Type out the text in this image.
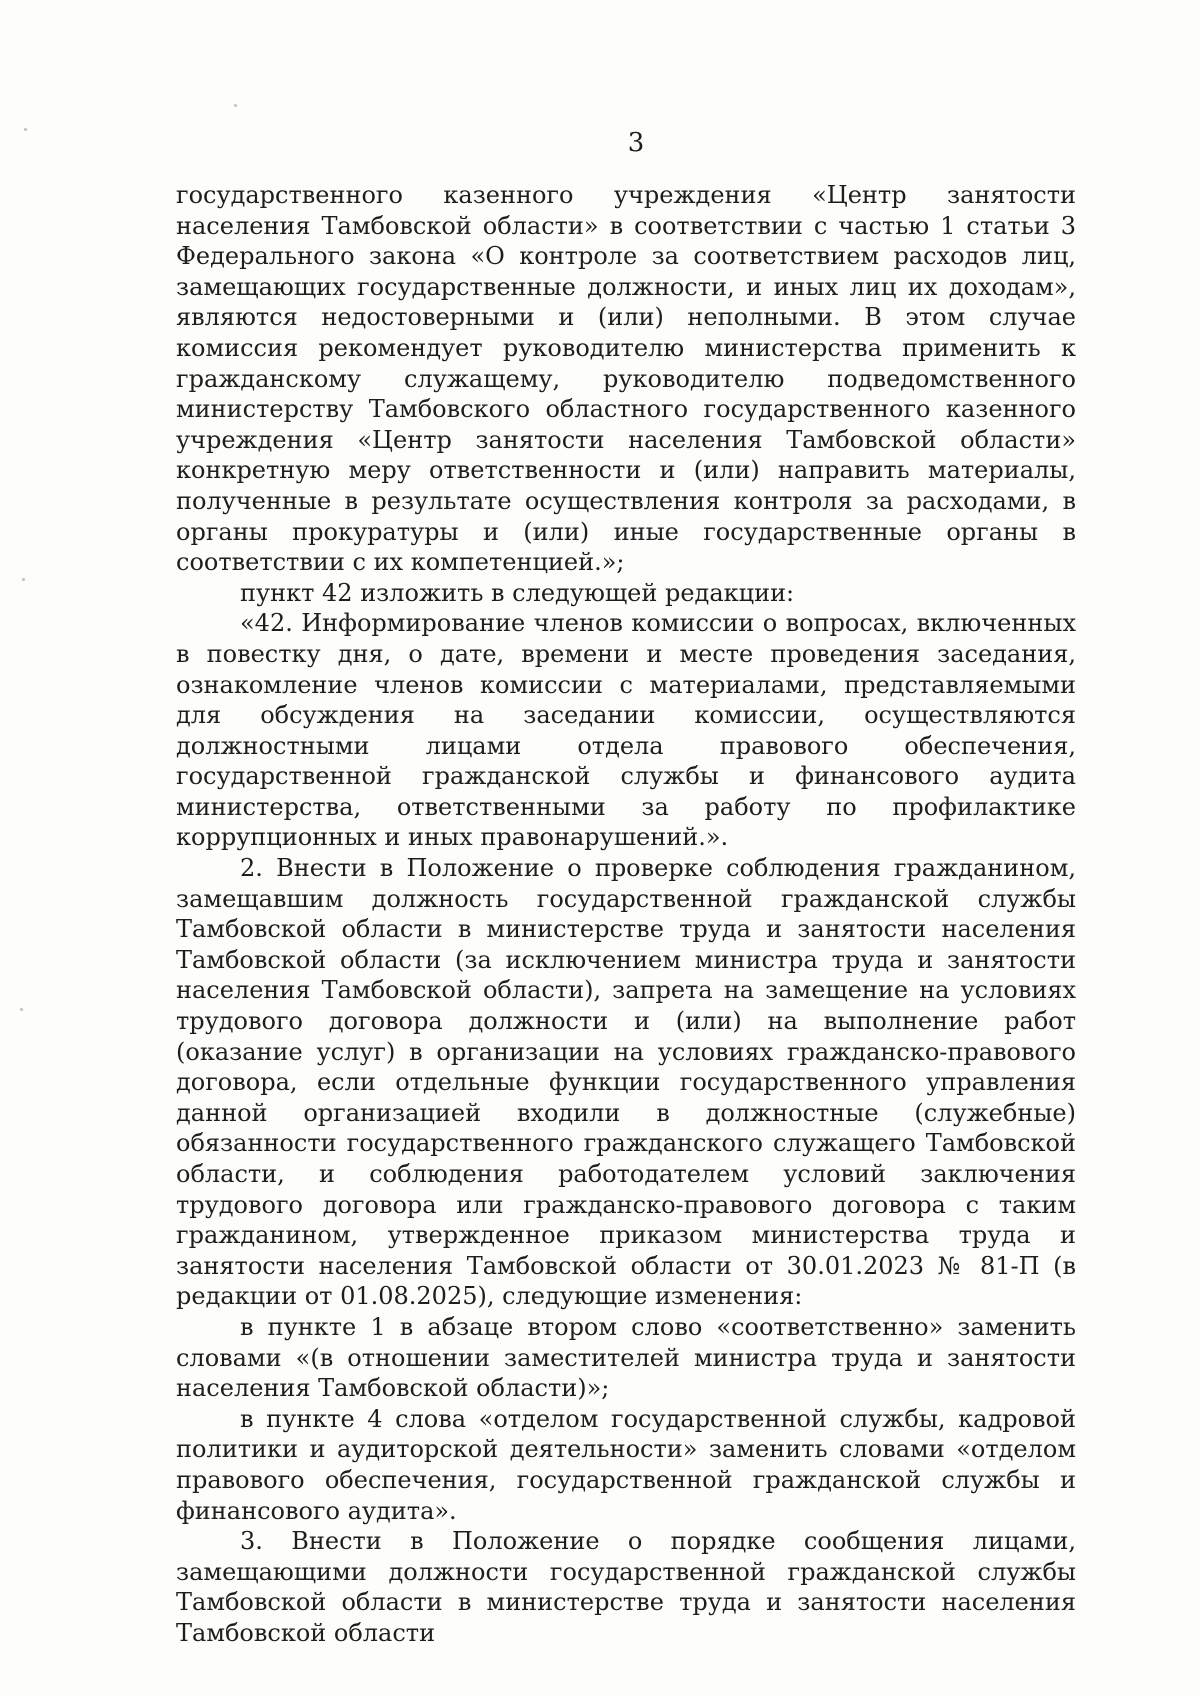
3

государственного казенного учреждения «Центр занятости населения Тамбовской области» в соответствии с частью 1 статьи 3 Федерального закона «О контроле за соответствием расходов лиц, замещающих государственные должности, и иных лиц их доходам», являются недостоверными и (или) неполными. В этом случае комиссия рекомендует руководителю министерства применить к гражданскому служащему, руководителю подведомственного министерству Тамбовского областного государственного казенного учреждения «Центр занятости населения Тамбовской области» конкретную меру ответственности и (или) направить материалы, полученные в результате осуществления контроля за расходами, в органы прокуратуры и (или) иные государственные органы в соответствии с их компетенцией.»;

пункт 42 изложить в следующей редакции:

«42. Информирование членов комиссии о вопросах, включенных в повестку дня, о дате, времени и месте проведения заседания, ознакомление членов комиссии с материалами, представляемыми для обсуждения на заседании комиссии, осуществляются должностными лицами отдела правового обеспечения, государственной гражданской службы и финансового аудита министерства, ответственными за работу по профилактике коррупционных и иных правонарушений.».

2. Внести в Положение о проверке соблюдения гражданином, замещавшим должность государственной гражданской службы Тамбовской области в министерстве труда и занятости населения Тамбовской области (за исключением министра труда и занятости населения Тамбовской области), запрета на замещение на условиях трудового договора должности и (или) на выполнение работ (оказание услуг) в организации на условиях гражданско-правового договора, если отдельные функции государственного управления данной организацией входили в должностные (служебные) обязанности государственного гражданского служащего Тамбовской области, и соблюдения работодателем условий заключения трудового договора или гражданско-правового договора с таким гражданином, утвержденное приказом министерства труда и занятости населения Тамбовской области от 30.01.2023 № 81-П (в редакции от 01.08.2025), следующие изменения:

в пункте 1 в абзаце втором слово «соответственно» заменить словами «(в отношении заместителей министра труда и занятости населения Тамбовской области)»;

в пункте 4 слова «отделом государственной службы, кадровой политики и аудиторской деятельности» заменить словами «отделом правового обеспечения, государственной гражданской службы и финансового аудита».

3. Внести в Положение о порядке сообщения лицами, замещающими должности государственной гражданской службы Тамбовской области в министерстве труда и занятости населения Тамбовской области
